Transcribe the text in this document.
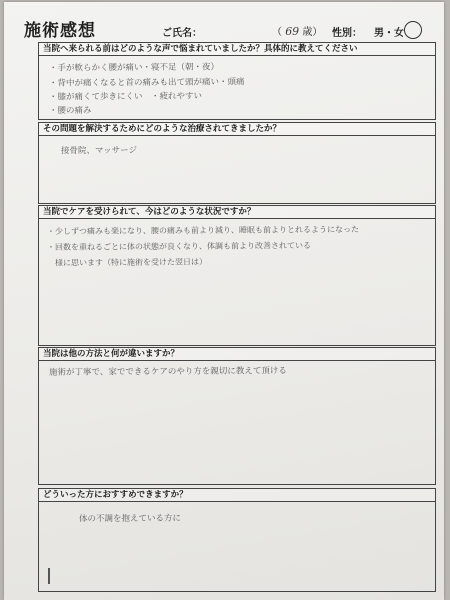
施術感想	ご氏名：	（ 69 歳） 性別： 男・女
当院へ来られる前はどのような声で悩まれていましたか？具体的に教えてください
・手が軟らかく腰が痛い・寝不足（朝・夜）
・背中が痛くなると首の痛みも出て頭が痛い・頭痛
・膝が痛くて歩きにくい　・疲れやすい
・腰の痛み
その問題を解決するためにどのような治療されてきましたか？
接骨院、マッサージ
当院でケアを受けられて、今はどのような状況ですか？
・少しずつ痛みも楽になり、腰の痛みも前より減り、睡眠も前よりとれるようになった
・回数を重ねるごとに体の状態が良くなり、体調も前より改善されている
　様に思います（特に施術を受けた翌日は）
当院は他の方法と何が違いますか？
施術が丁寧で、家でできるケアのやり方を親切に教えて頂ける
どういった方におすすめできますか？
体の不調を抱えている方に
